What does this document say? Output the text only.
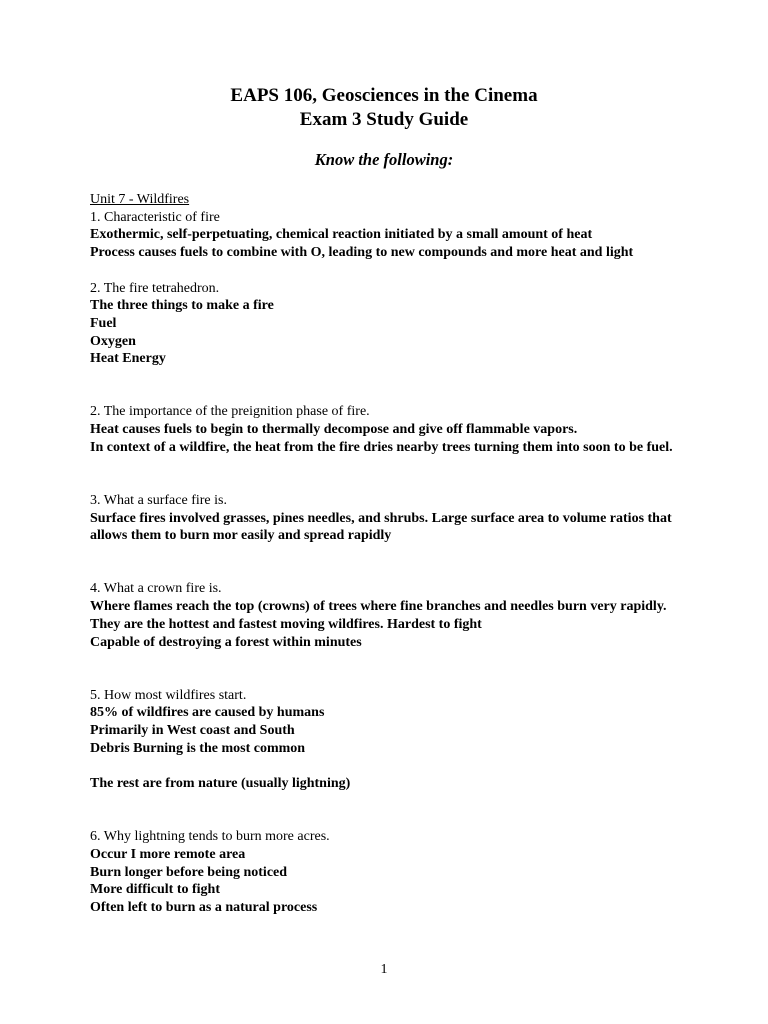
EAPS 106, Geosciences in the Cinema
Exam 3 Study Guide
Know the following:
Unit 7 - Wildfires
1. Characteristic of fire
Exothermic, self-perpetuating, chemical reaction initiated by a small amount of heat
Process causes fuels to combine with O, leading to new compounds and more heat and light
2. The fire tetrahedron.
The three things to make a fire
Fuel
Oxygen
Heat Energy
2. The importance of the preignition phase of fire.
Heat causes fuels to begin to thermally decompose and give off flammable vapors.
In context of a wildfire, the heat from the fire dries nearby trees turning them into soon to be fuel.
3. What a surface fire is.
Surface fires involved grasses, pines needles, and shrubs. Large surface area to volume ratios that allows them to burn mor easily and spread rapidly
4. What a crown fire is.
Where flames reach the top (crowns) of trees where fine branches and needles burn very rapidly. They are the hottest and fastest moving wildfires. Hardest to fight
Capable of destroying a forest within minutes
5. How most wildfires start.
85% of wildfires are caused by humans
Primarily in West coast and South
Debris Burning is the most common
The rest are from nature (usually lightning)
6. Why lightning tends to burn more acres.
Occur I more remote area
Burn longer before being noticed
More difficult to fight
Often left to burn as a natural process
1
